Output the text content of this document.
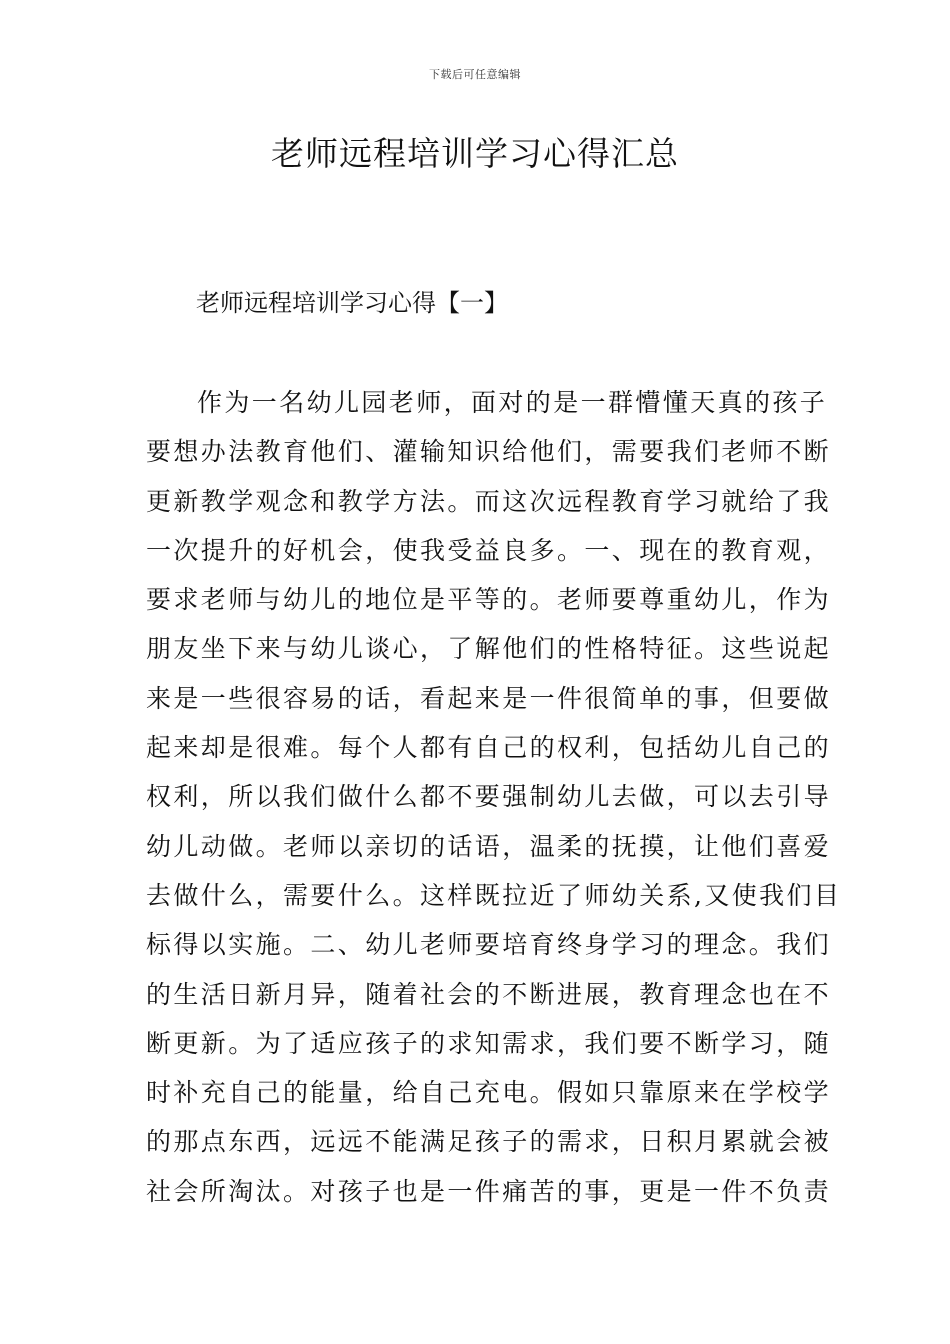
下载后可任意编辑
老师远程培训学习心得汇总
老师远程培训学习心得【一】
作为一名幼儿园老师，面对的是一群懵懂天真的孩子
要想办法教育他们、灌输知识给他们，需要我们老师不断
更新教学观念和教学方法。而这次远程教育学习就给了我
一次提升的好机会，使我受益良多。一、现在的教育观，
要求老师与幼儿的地位是平等的。老师要尊重幼儿，作为
朋友坐下来与幼儿谈心，了解他们的性格特征。这些说起
来是一些很容易的话，看起来是一件很简单的事，但要做
起来却是很难。每个人都有自己的权利，包括幼儿自己的
权利，所以我们做什么都不要强制幼儿去做，可以去引导
幼儿动做。老师以亲切的话语，温柔的抚摸，让他们喜爱
去做什么，需要什么。这样既拉近了师幼关系,又使我们目
标得以实施。二、幼儿老师要培育终身学习的理念。我们
的生活日新月异，随着社会的不断进展，教育理念也在不
断更新。为了适应孩子的求知需求，我们要不断学习，随
时补充自己的能量，给自己充电。假如只靠原来在学校学
的那点东西，远远不能满足孩子的需求，日积月累就会被
社会所淘汰。对孩子也是一件痛苦的事，更是一件不负责
